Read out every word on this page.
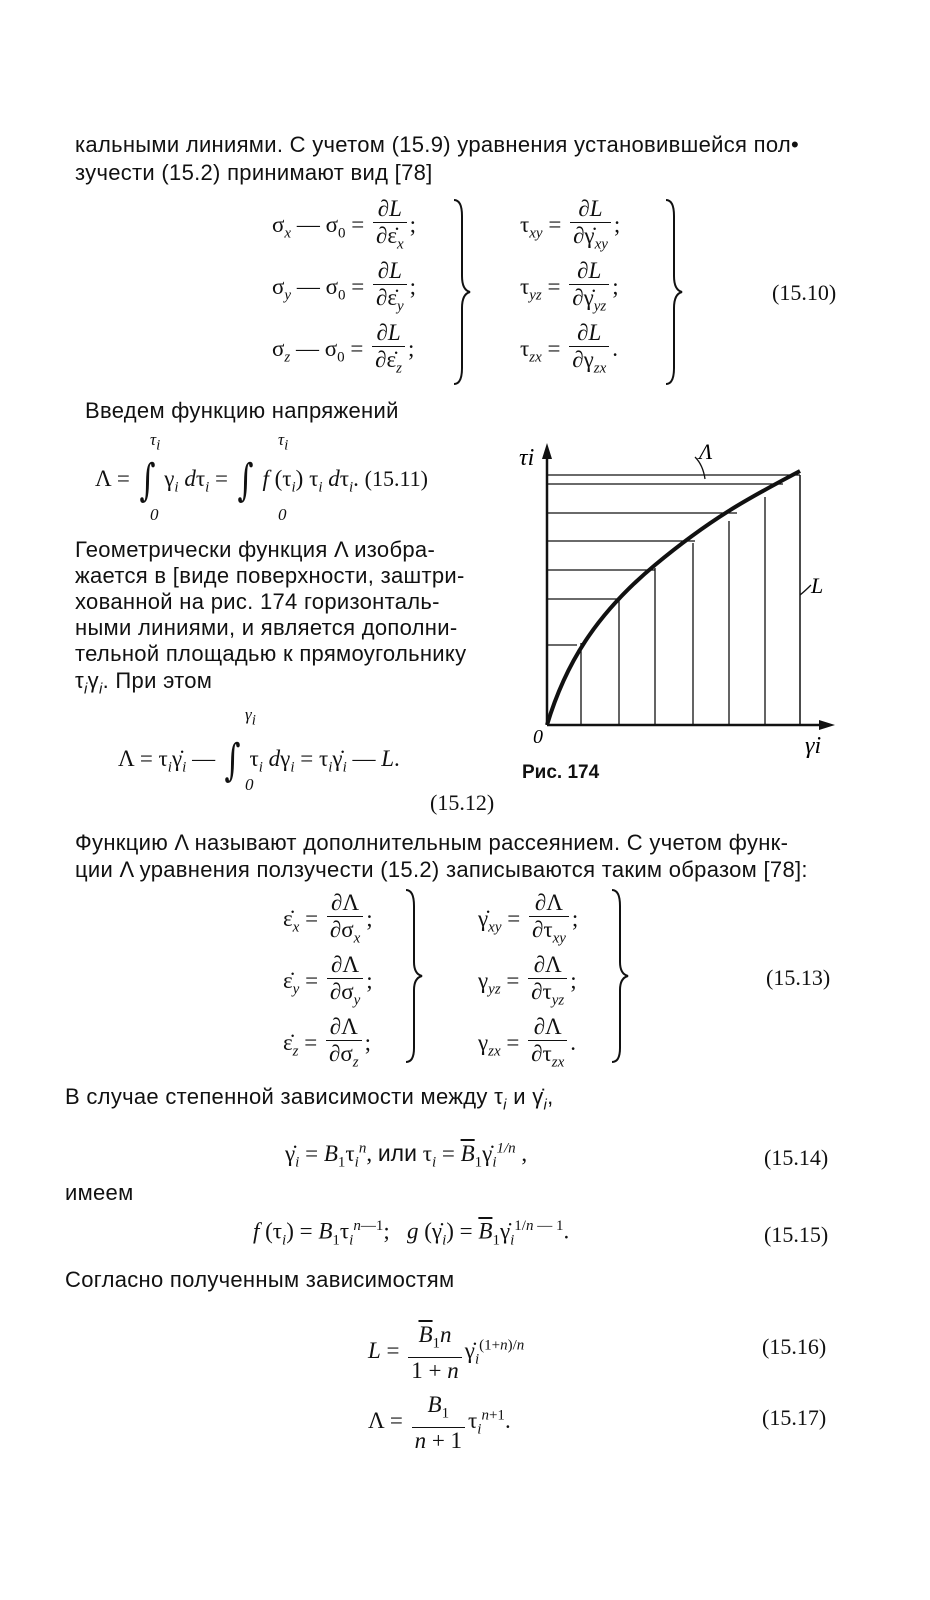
кальными линиями. С учетом (15.9) уравнения установившейся пол•
зучести (15.2) принимают вид [78]
$\sigma_x$ — $\sigma_0 = \frac{\partial L}{\partial\varepsiloṅ_x}$ ;
$\sigma_y$ — $\sigma_0 = \frac{\partial L}{\partial\varepsiloṅ_y}$ ;
$\sigma_z$ — $\sigma_0 = \frac{\partial L}{\partial\varepsiloṅ_z}$ ;
$\tau_{xy} = \frac{\partial L}{\partial\gammȧ_{xy}}$ ;
$\tau_{yz} = \frac{\partial L}{\partial\gammȧ_{yz}}$ ;
$\tau_{zx} = \frac{\partial L}{\partial\gamma_{zx}}$ .
(15.10)
Введем функцию напряжений
Λ = ∫ $\gamma_i$ $d\tau_i$ = ∫ f $(\tau_i)$ $\tau_i$ $d\tau_i$. (15.11)
$\tau_i$
0
$\tau_i$
0
Геометрически функция Λ изобра-
жается в [виде поверхности, заштри-
хованной на рис. 174 горизонталь-
ными линиями, и является дополни-
тельной площадью к прямоугольнику
$\tau_i\gamma_i$. При этом
$\Lambda = \tau_i\gammȧ_i$ — ∫ $\tau_i$ $d\gamma_i$ = $\tau_i\gammȧ_i$ — L.
$\gamma_i$
0
(15.12)
τi
γi
0
Λ
L
Рис. 174
Функцию Λ называют дополнительным рассеянием. С учетом функ-
ции Λ уравнения ползучести (15.2) записываются таким образом [78]:
$\varepsiloṅ_x = \frac{\partial\Lambda}{\partial\sigma_x}$ ;
$\varepsiloṅ_y = \frac{\partial\Lambda}{\partial\sigma_y}$ ;
$\varepsiloṅ_z = \frac{\partial\Lambda}{\partial\sigma_z}$ ;
$\gammȧ_{xy} = \frac{\partial\Lambda}{\partial\tau_{xy}}$ ;
$\gamma_{yz} = \frac{\partial\Lambda}{\partial\tau_{yz}}$ ;
$\gamma_{zx} = \frac{\partial\Lambda}{\partial\tau_{zx}}$ .
(15.13)
В случае степенной зависимости между $\tau_i$ и $\gammȧ_i$,
$\gammȧ_i = B_1\tau_i^n$, или $\tau_i$ = $\overline{B}_1\gammȧ_i^{1/n}$ ,	(15.14)
имеем
f $(\tau_i) = B_1\tau_i^{n—1}$;   g $(\gammȧ_i)$ = $\overline{B}_1\gammȧ_i^{1/n — 1}$.	(15.15)
Согласно полученным зависимостям
$L = \frac{\overline{B}_1n}{1 + n}$ $\gammȧ_i^{(1+n)/n}$	(15.16)
$\Lambda = \frac{B_1}{n + 1} \tau_i^{n+1}$.	(15.17)
